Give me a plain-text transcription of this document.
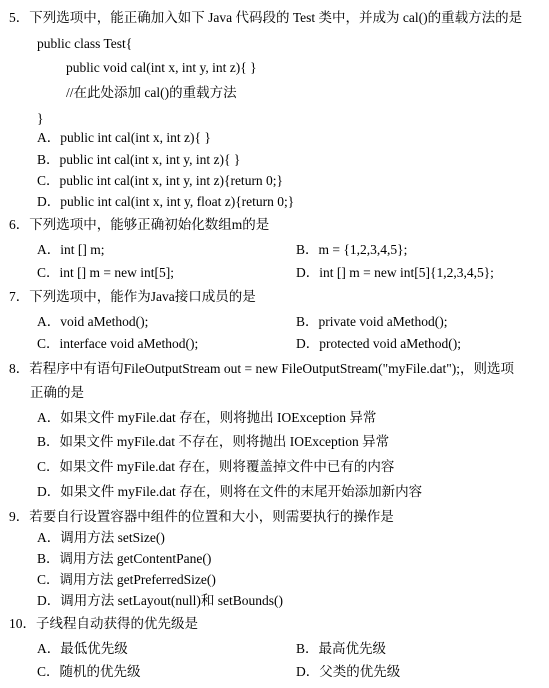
5．下列选项中，能正确加入如下 Java 代码段的 Test 类中，并成为 cal()的重载方法的是
public class Test{
public void cal(int x, int y, int z){ }
//在此处添加 cal()的重载方法
}
A．public int cal(int x, int z){ }
B．public int cal(int x, int y, int z){ }
C．public int cal(int x, int y, int z){return 0;}
D．public int cal(int x, int y, float z){return 0;}
6．下列选项中，能够正确初始化数组m的是
A．int [] m;	B．m = {1,2,3,4,5};
C．int [] m = new int[5];	D．int [] m = new int[5]{1,2,3,4,5};
7．下列选项中，能作为Java接口成员的是
A．void aMethod();	B．private void aMethod();
C．interface void aMethod();	D．protected void aMethod();
8．若程序中有语句FileOutputStream out = new FileOutputStream("myFile.dat");，则选项
正确的是
A．如果文件 myFile.dat 存在，则将抛出 IOException 异常
B．如果文件 myFile.dat 不存在，则将抛出 IOException 异常
C．如果文件 myFile.dat 存在，则将覆盖掉文件中已有的内容
D．如果文件 myFile.dat 存在，则将在文件的末尾开始添加新内容
9．若要自行设置容器中组件的位置和大小，则需要执行的操作是
A．调用方法 setSize()
B．调用方法 getContentPane()
C．调用方法 getPreferredSize()
D．调用方法 setLayout(null)和 setBounds()
10．子线程自动获得的优先级是
A．最低优先级	B．最高优先级
C．随机的优先级	D．父类的优先级
